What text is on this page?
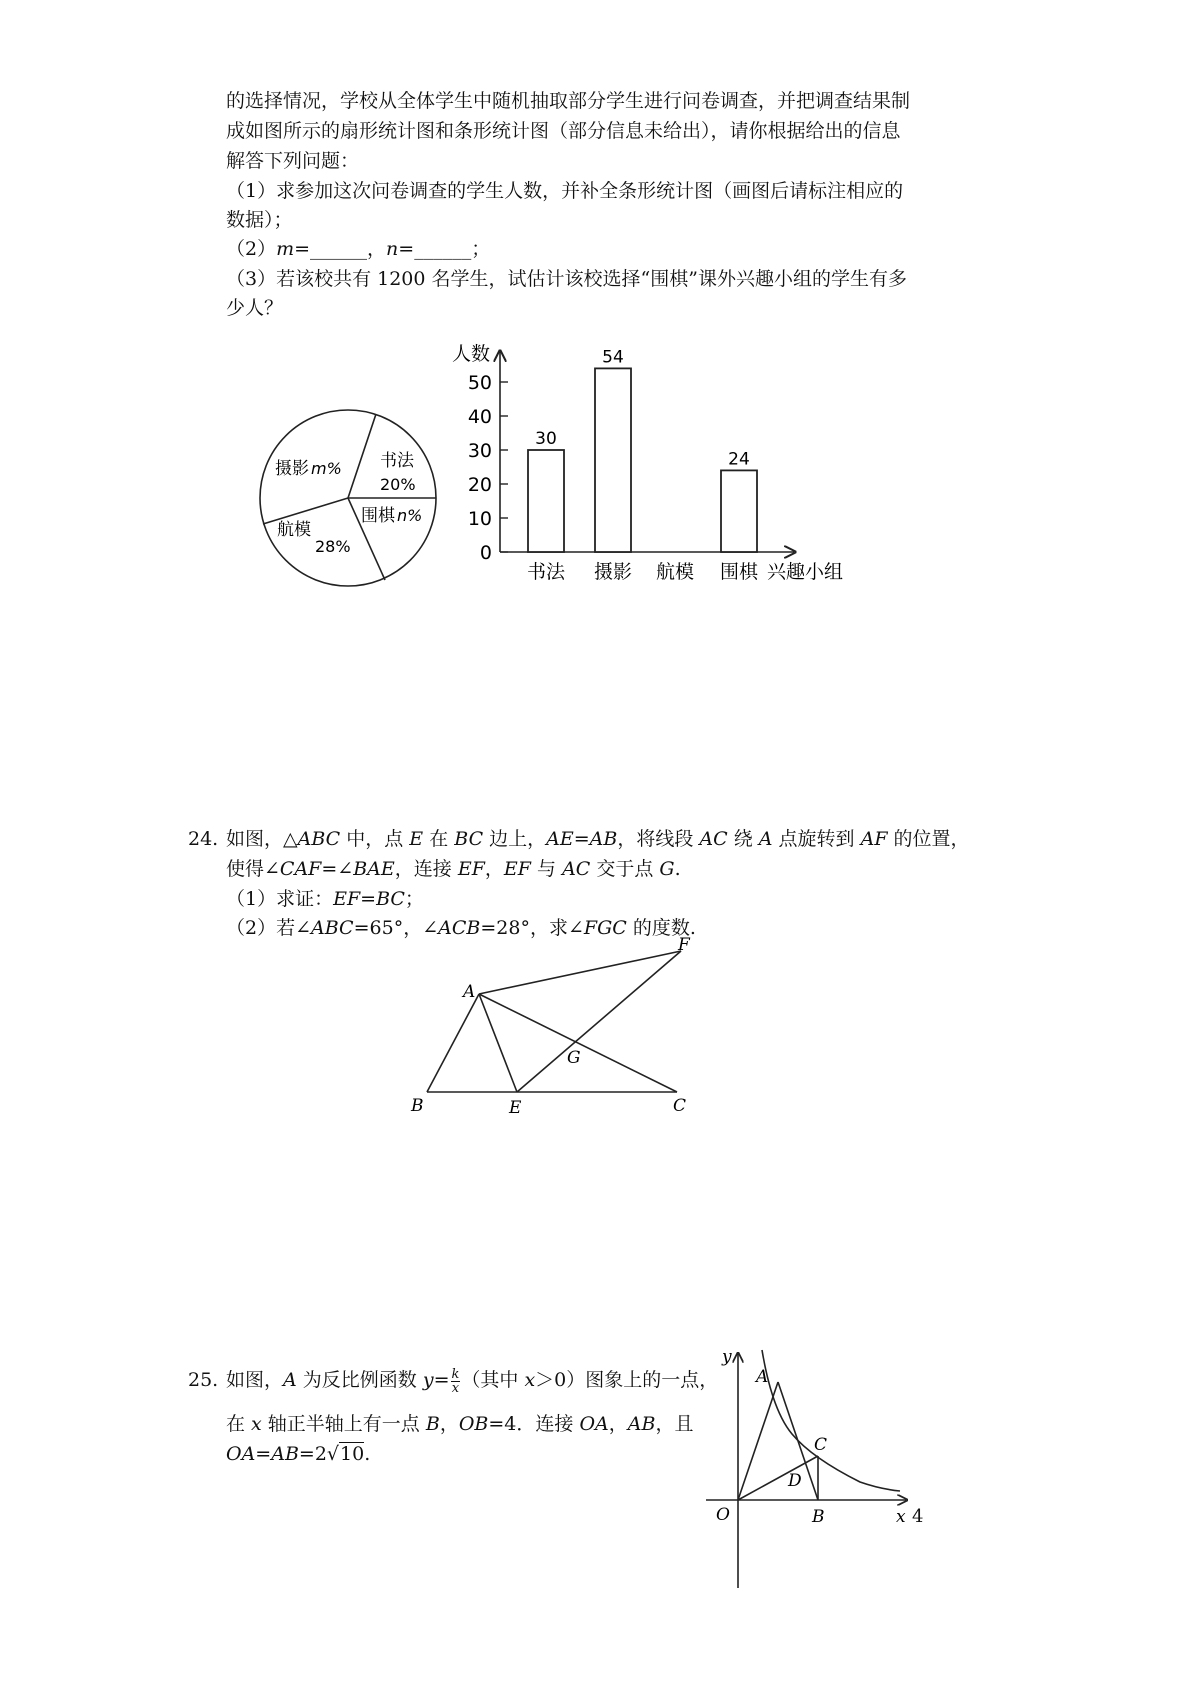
的选择情况，学校从全体学生中随机抽取部分学生进行问卷调查，并把调查结果制
成如图所示的扇形统计图和条形统计图（部分信息未给出），请你根据给出的信息
解答下列问题：
（1）求参加这次问卷调查的学生人数，并补全条形统计图（画图后请标注相应的
数据）；
（2）m=______，n=______；
（3）若该校共有 1200 名学生，试估计该校选择“围棋”课外兴趣小组的学生有多
少人？
摄影 m% 书法
20%
围棋 n%
航模
28%	0
10
20
30
40
50
人数
兴趣小组
30
书法
54
摄影 航模
24
围棋
24. 如图，△ABC 中，点 E 在 BC 边上，AE=AB，将线段 AC 绕 A 点旋转到 AF 的位置，
使得∠CAF=∠BAE，连接 EF，EF 与 AC 交于点 G.
（1）求证：EF=BC；
（2）若∠ABC=65°，∠ACB=28°，求∠FGC 的度数.
A
B	C
E
F
G
25. 如图，A 为反比例函数 $y= \frac{k}{x}$ （其中 x＞0）图象上的一点，
在 x 轴正半轴上有一点 B，OB=4．连接 OA，AB，且
OA=AB=2√10.
y
A
C
D
O	B	x 4
